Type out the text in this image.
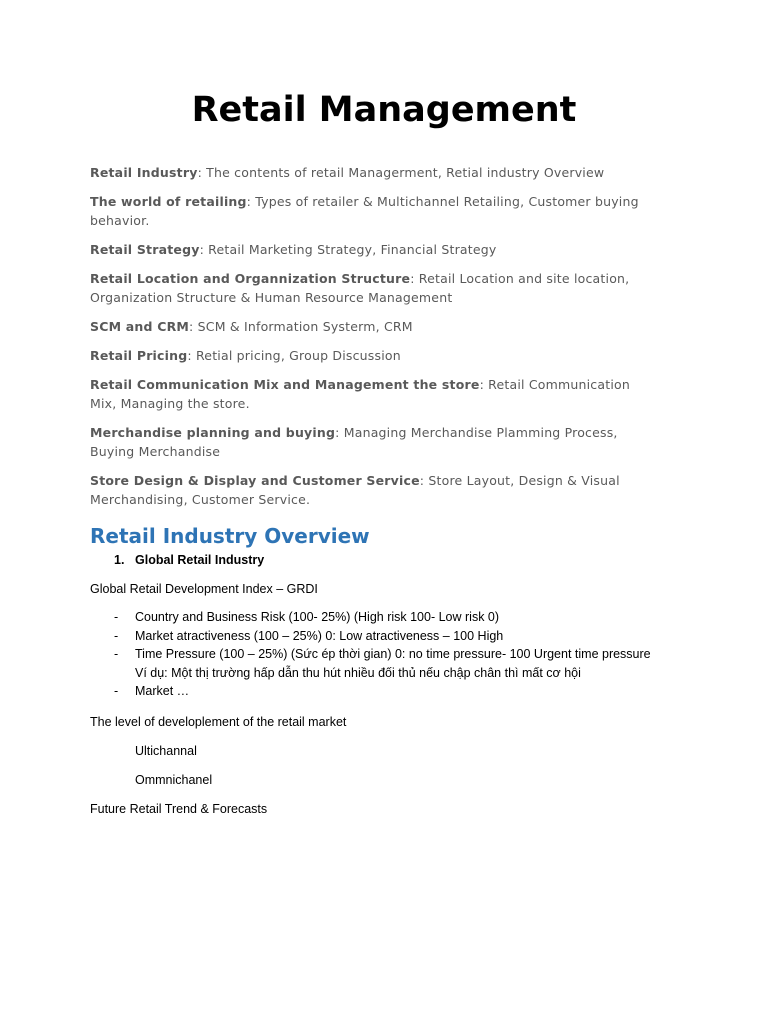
Retail Management

Retail Industry: The contents of retail Managerment, Retial industry Overview

The world of retailing: Types of retailer & Multichannel Retailing, Customer buying behavior.

Retail Strategy: Retail Marketing Strategy, Financial Strategy

Retail Location and Organnization Structure: Retail Location and site location, Organization Structure & Human Resource Management

SCM and CRM: SCM & Information Systerm, CRM

Retail Pricing: Retial pricing, Group Discussion

Retail Communication Mix and Management the store: Retail Communication Mix, Managing the store.

Merchandise planning and buying: Managing Merchandise Plamming Process, Buying Merchandise

Store Design & Display and Customer Service: Store Layout, Design & Visual Merchandising, Customer Service.

Retail Industry Overview

1. Global Retail Industry

Global Retail Development Index – GRDI

- Country and Business Risk (100- 25%) (High risk 100- Low risk 0)
- Market atractiveness (100 – 25%) 0: Low atractiveness – 100 High
- Time Pressure (100 – 25%) (Sức ép thời gian) 0: no time pressure- 100 Urgent time pressure
Ví dụ: Một thị trường hấp dẫn thu hút nhiều đối thủ nếu chập chân thì mất cơ hội
- Market …

The level of developlement of the retail market

Ultichannal

Ommnichanel

Future Retail Trend & Forecasts
